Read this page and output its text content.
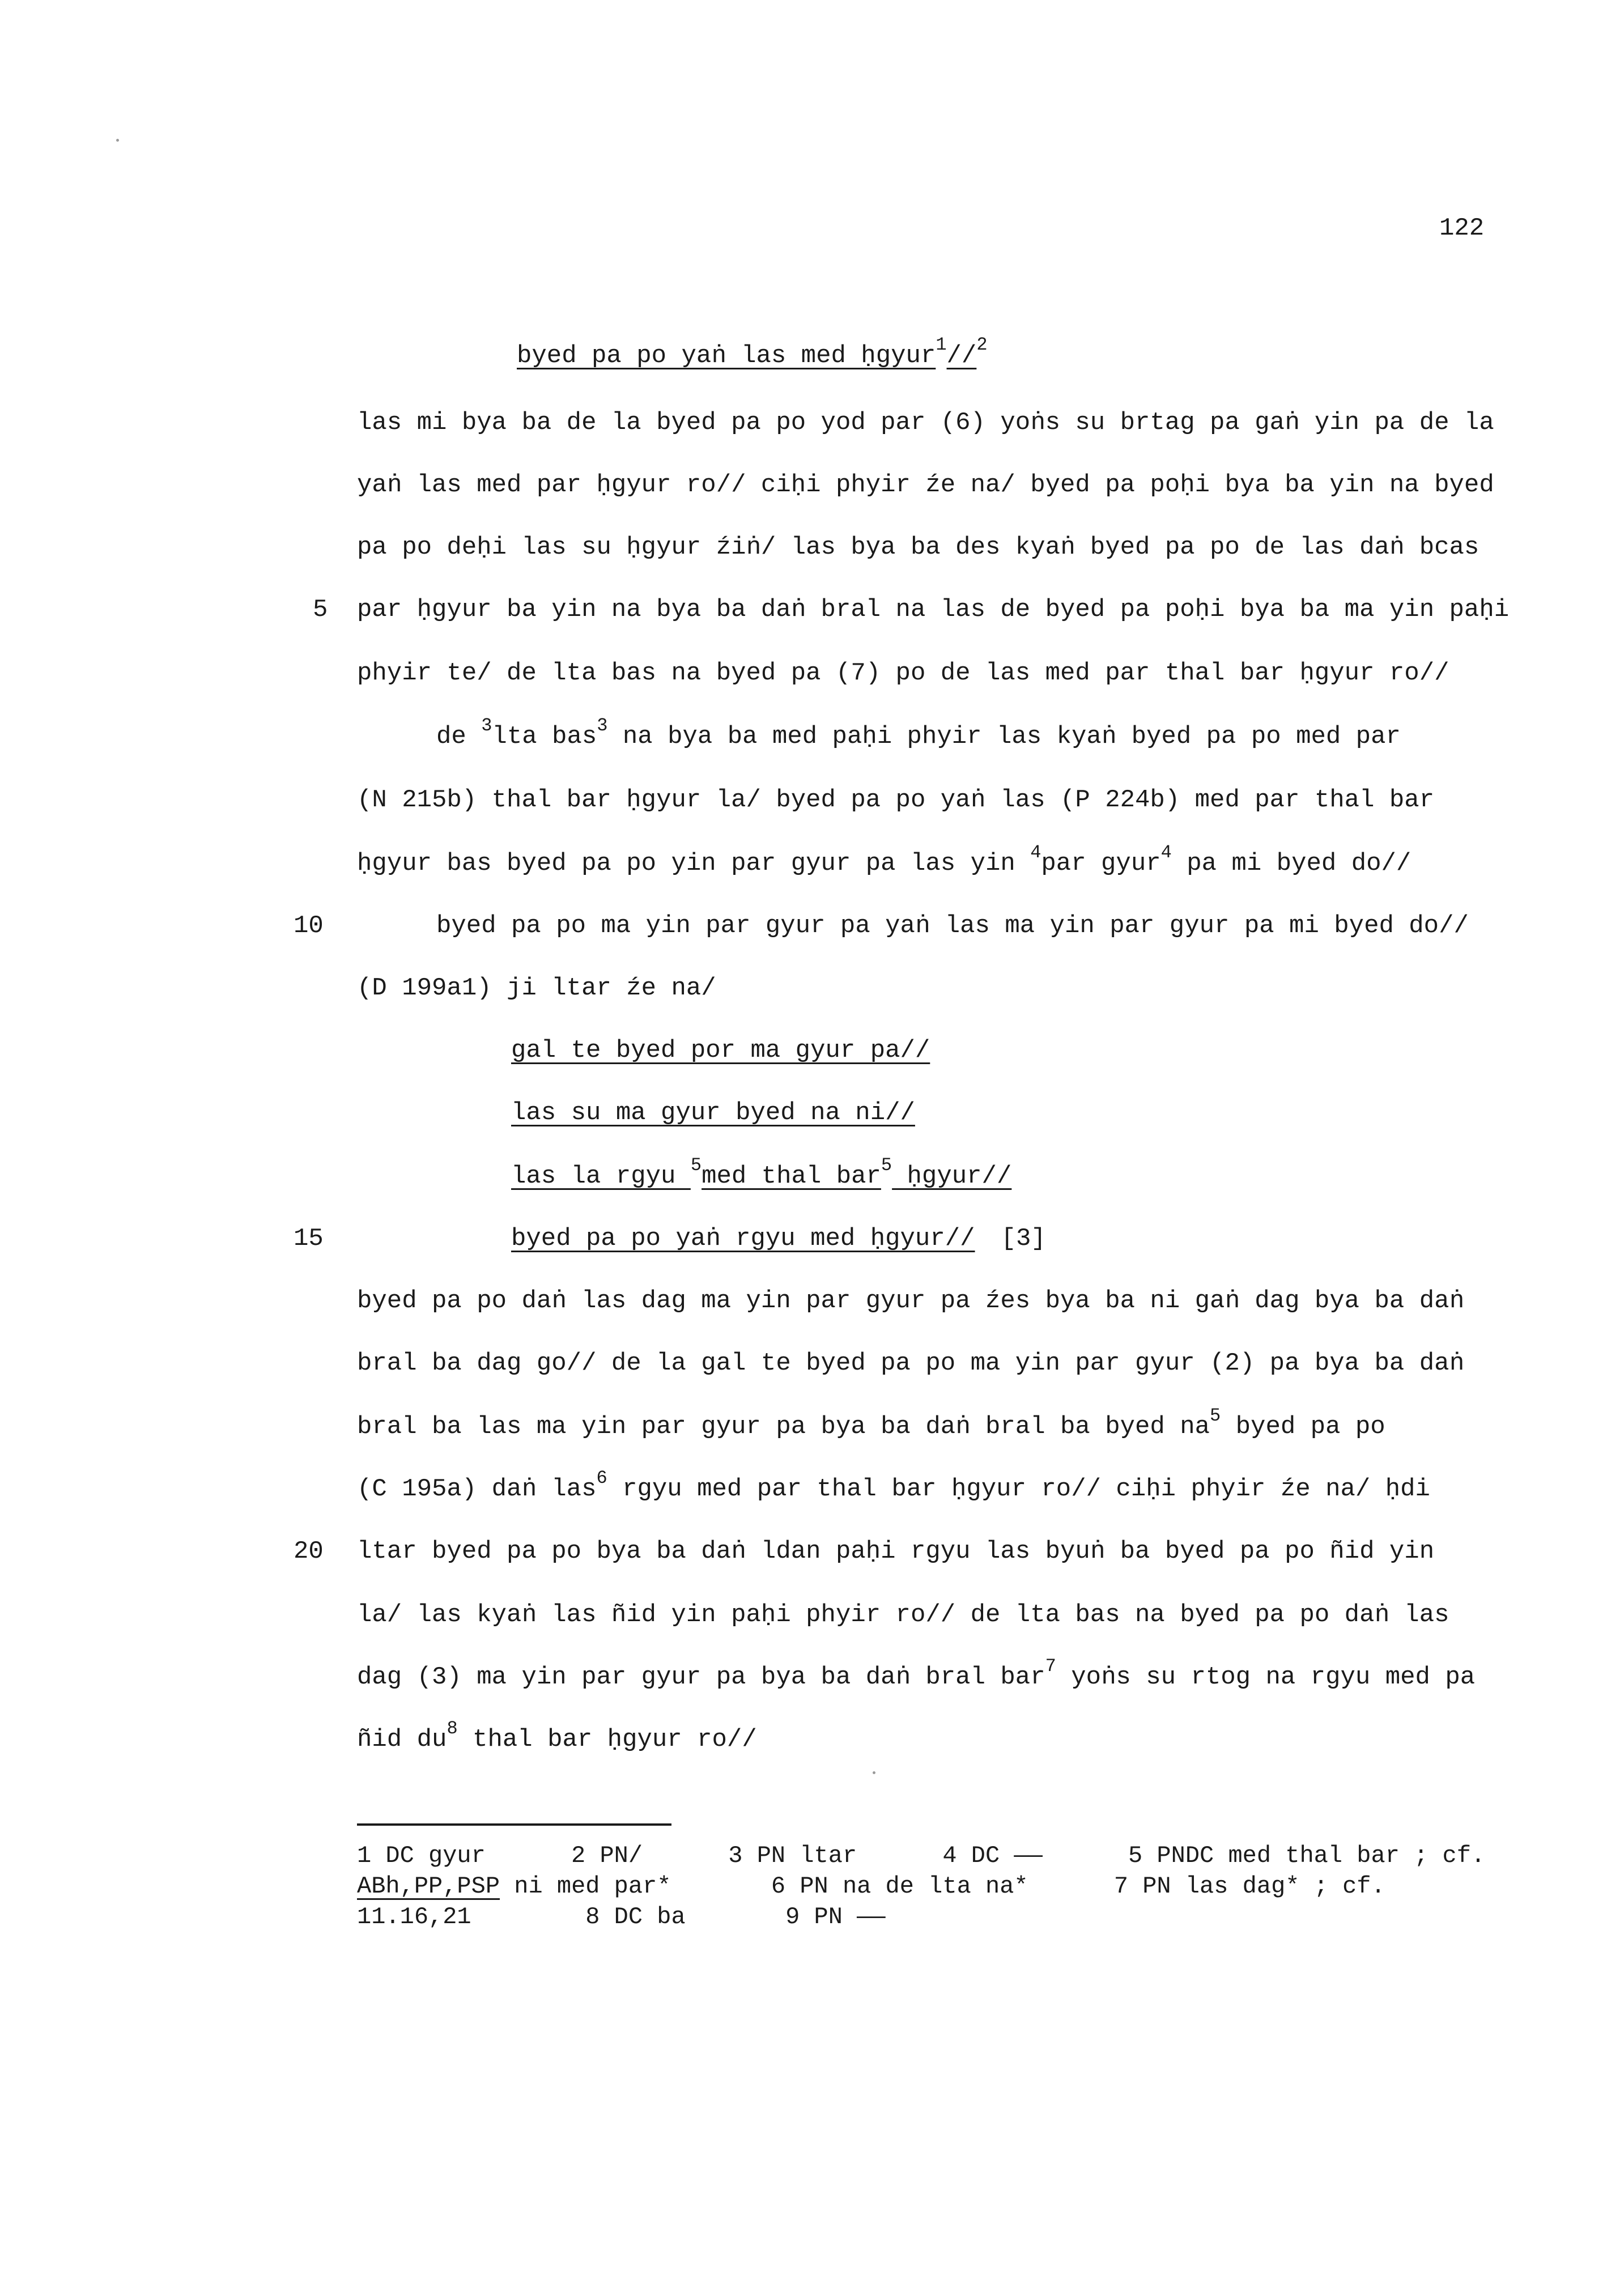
122
byed pa po yaṅ las med ḥgyur$^1$//$^2$
las mi bya ba de la byed pa po yod par (6) yoṅs su brtag pa gaṅ yin pa de la
yaṅ las med par ḥgyur ro// ciḥi phyir źe na/ byed pa poḥi bya ba yin na byed
pa po deḥi las su ḥgyur źiṅ/ las bya ba des kyaṅ byed pa po de las daṅ bcas
5 par ḥgyur ba yin na bya ba daṅ bral na las de byed pa poḥi bya ba ma yin paḥi
phyir te/ de lta bas na byed pa (7) po de las med par thal bar ḥgyur ro//
de $^3$lta bas$^3$ na bya ba med paḥi phyir las kyaṅ byed pa po med par
(N 215b) thal bar ḥgyur la/ byed pa po yaṅ las (P 224b) med par thal bar
ḥgyur bas byed pa po yin par gyur pa las yin $^4$par gyur$^4$ pa mi byed do//
10	byed pa po ma yin par gyur pa yaṅ las ma yin par gyur pa mi byed do//
(D 199a1) ji ltar źe na/
gal te byed por ma gyur pa//
las su ma gyur byed na ni//
las la rgyu $^5$med thal bar$^5$ ḥgyur//
15	byed pa po yaṅ rgyu med ḥgyur// [3]
byed pa po daṅ las dag ma yin par gyur pa źes bya ba ni gaṅ dag bya ba daṅ
bral ba dag go// de la gal te byed pa po ma yin par gyur (2) pa bya ba daṅ
bral ba las ma yin par gyur pa bya ba daṅ bral ba byed $na^5$ byed pa po
(C 195a) daṅ las$^6$ rgyu med par thal bar ḥgyur ro// ciḥi phyir źe na/ ḥdi
20 ltar byed pa po bya ba daṅ ldan paḥi rgyu las byuṅ ba byed pa po ñid yin
la/ las kyaṅ las ñid yin paḥi phyir ro// de lta bas na byed pa po daṅ las
dag (3) ma yin par gyur pa bya ba daṅ bral bar$^7$ yoṅs su rtog na rgyu med pa
ñid $du^8$ thal bar ḥgyur ro//
1 DC gyur      2 PN/      3 PN ltar      4 DC ——      5 PNDC med thal bar ; cf.
ABh,PP,PSP ni med par*       6 PN na de lta na*      7 PN las dag* ; cf.
11.16,21        8 DC ba       9 PN ——
